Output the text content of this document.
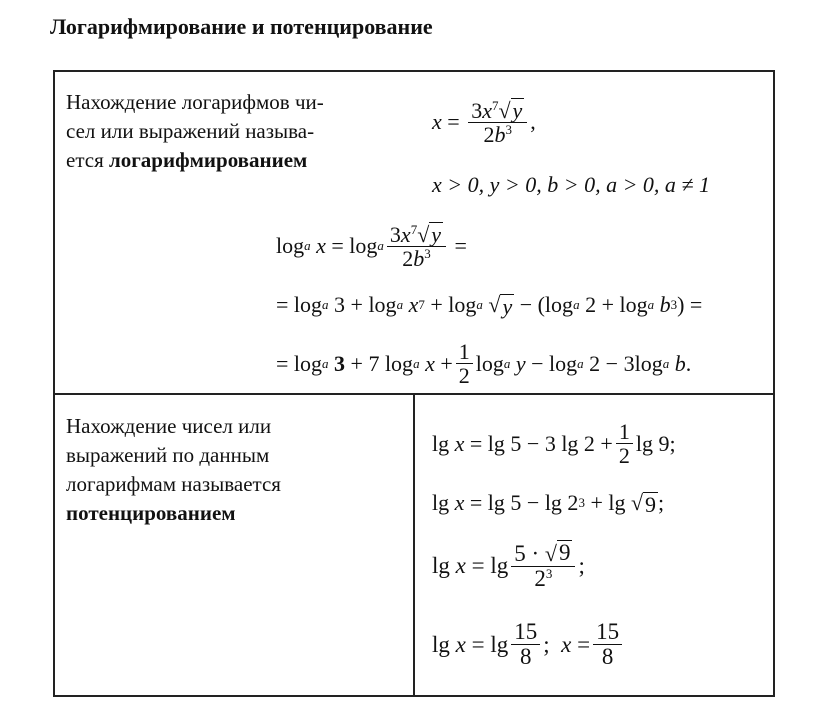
Логарифмирование и потенцирование
Нахождение логарифмов чи-
сел или выражений называ-
ется логарифмированием
$x = \frac{3x^7 √ y}{2b^3}$ ,
x > 0, y > 0, b > 0, a > 0, a ≠ 1
log a
x = log a $\frac{3x^7 √ y}{2b^3}$ =
= log a 3 + log a
x 7 + log a
√ y − (log a 2 + log a
b 3 ) =
= log a
3 + 7 log a
$x + \frac{1}{2}$ log a
y − log a 2 − 3log a
b .
Нахождение чисел или
выражений по данным
логарифмам называется
потенцированием
lg x = lg 5 − 3 $\lg 2 + \frac{1}{2}$ lg 9;
lg x = lg 5 − lg 2 3 + lg √ 9 ;
$\lg x = \lg \frac{5 \cdot √ 9}{2^3}$ ;
$\lg x = \lg \frac{15}{8}$ ; $x = \frac{15}{8}$
